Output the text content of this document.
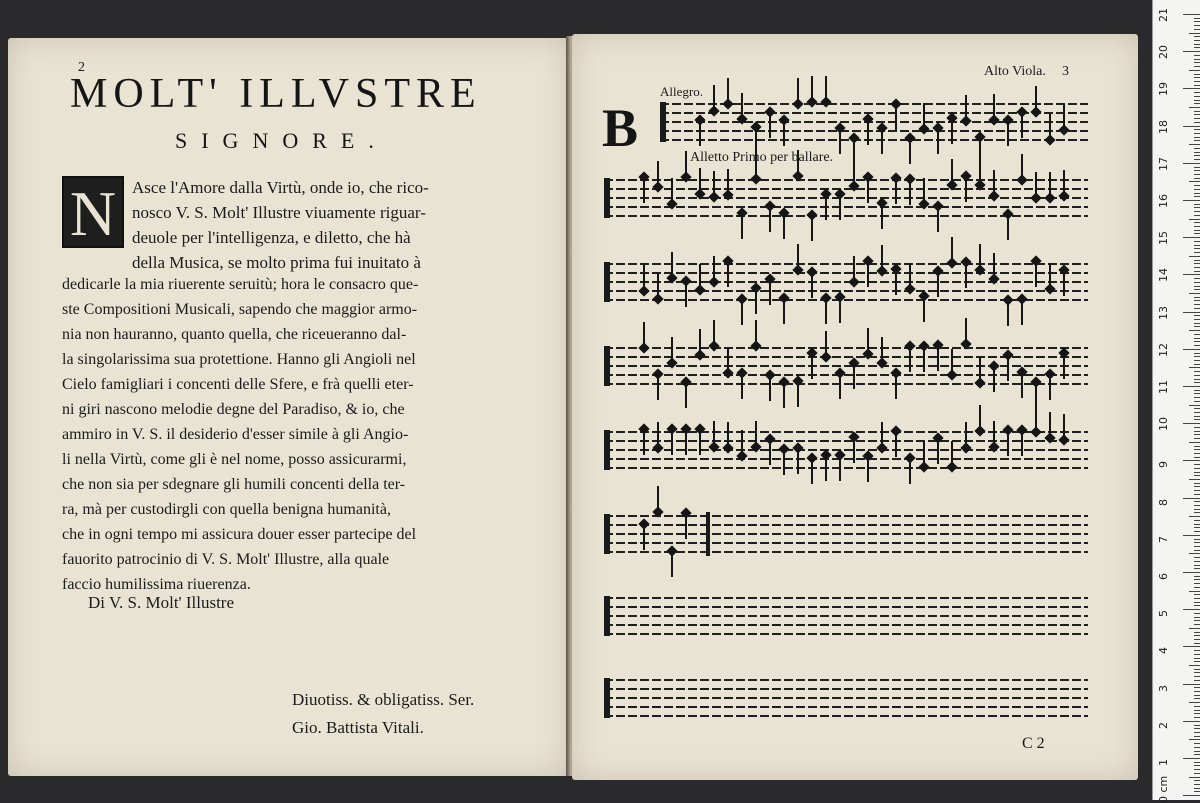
2
MOLT' ILLVSTRE
SIGNORE.
N Asce l'Amore dalla Virtù, onde io, che rico-
nosco V. S. Molt' Illustre viuamente riguar-
deuole per l'intelligenza, e diletto, che hà
della Musica, se molto prima fui inuitato à
dedicarle la mia riuerente seruitù; hora le consacro que-
ste Compositioni Musicali, sapendo che maggior armo-
nia non hauranno, quanto quella, che riceueranno dal-
la singolarissima sua protettione. Hanno gli Angioli nel
Cielo famigliari i concenti delle Sfere, e frà quelli eter-
ni giri nascono melodie degne del Paradiso, & io, che
ammiro in V. S. il desiderio d'esser simile à gli Angio-
li nella Virtù, come gli è nel nome, posso assicurarmi,
che non sia per sdegnare gli humili concenti della ter-
ra, mà per custodirgli con quella benigna humanità,
che in ogni tempo mi assicura douer esser partecipe del
fauorito patrocinio di V. S. Molt' Illustre, alla quale
faccio humilissima riuerenza.
Di V. S. Molt' Illustre
Diuotiss. & obligatiss. Ser.
Gio. Battista Vitali.
Alto Viola. 3
B
Allegro.
Alletto Primo per ballare.
C 2
21
20
19
18
17
16
15
14
13
12
11
10
9
8
7
6
5
4
3
2
1
0 cm
